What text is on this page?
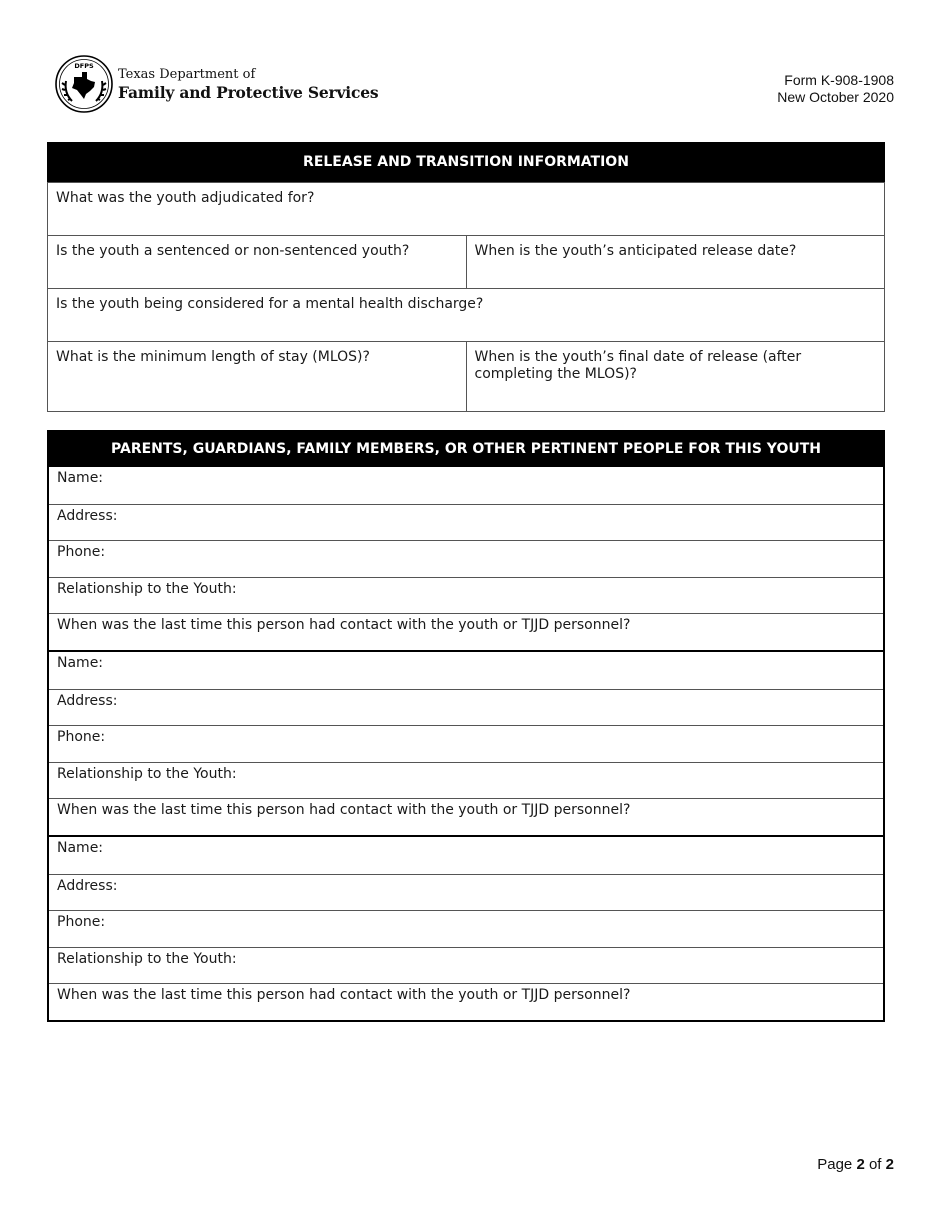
DFPS
Texas Department of
Family and Protective Services
Form K-908-1908
New October 2020
RELEASE AND TRANSITION INFORMATION
What was the youth adjudicated for?
Is the youth a sentenced or non-sentenced youth?	When is the youth’s anticipated release date?
Is the youth being considered for a mental health discharge?
What is the minimum length of stay (MLOS)?	When is the youth’s final date of release (after completing the MLOS)?
PARENTS, GUARDIANS, FAMILY MEMBERS, OR OTHER PERTINENT PEOPLE FOR THIS YOUTH
Name:
Address:
Phone:
Relationship to the Youth:
When was the last time this person had contact with the youth or TJJD personnel?
Name:
Address:
Phone:
Relationship to the Youth:
When was the last time this person had contact with the youth or TJJD personnel?
Name:
Address:
Phone:
Relationship to the Youth:
When was the last time this person had contact with the youth or TJJD personnel?
Page 2 of 2
